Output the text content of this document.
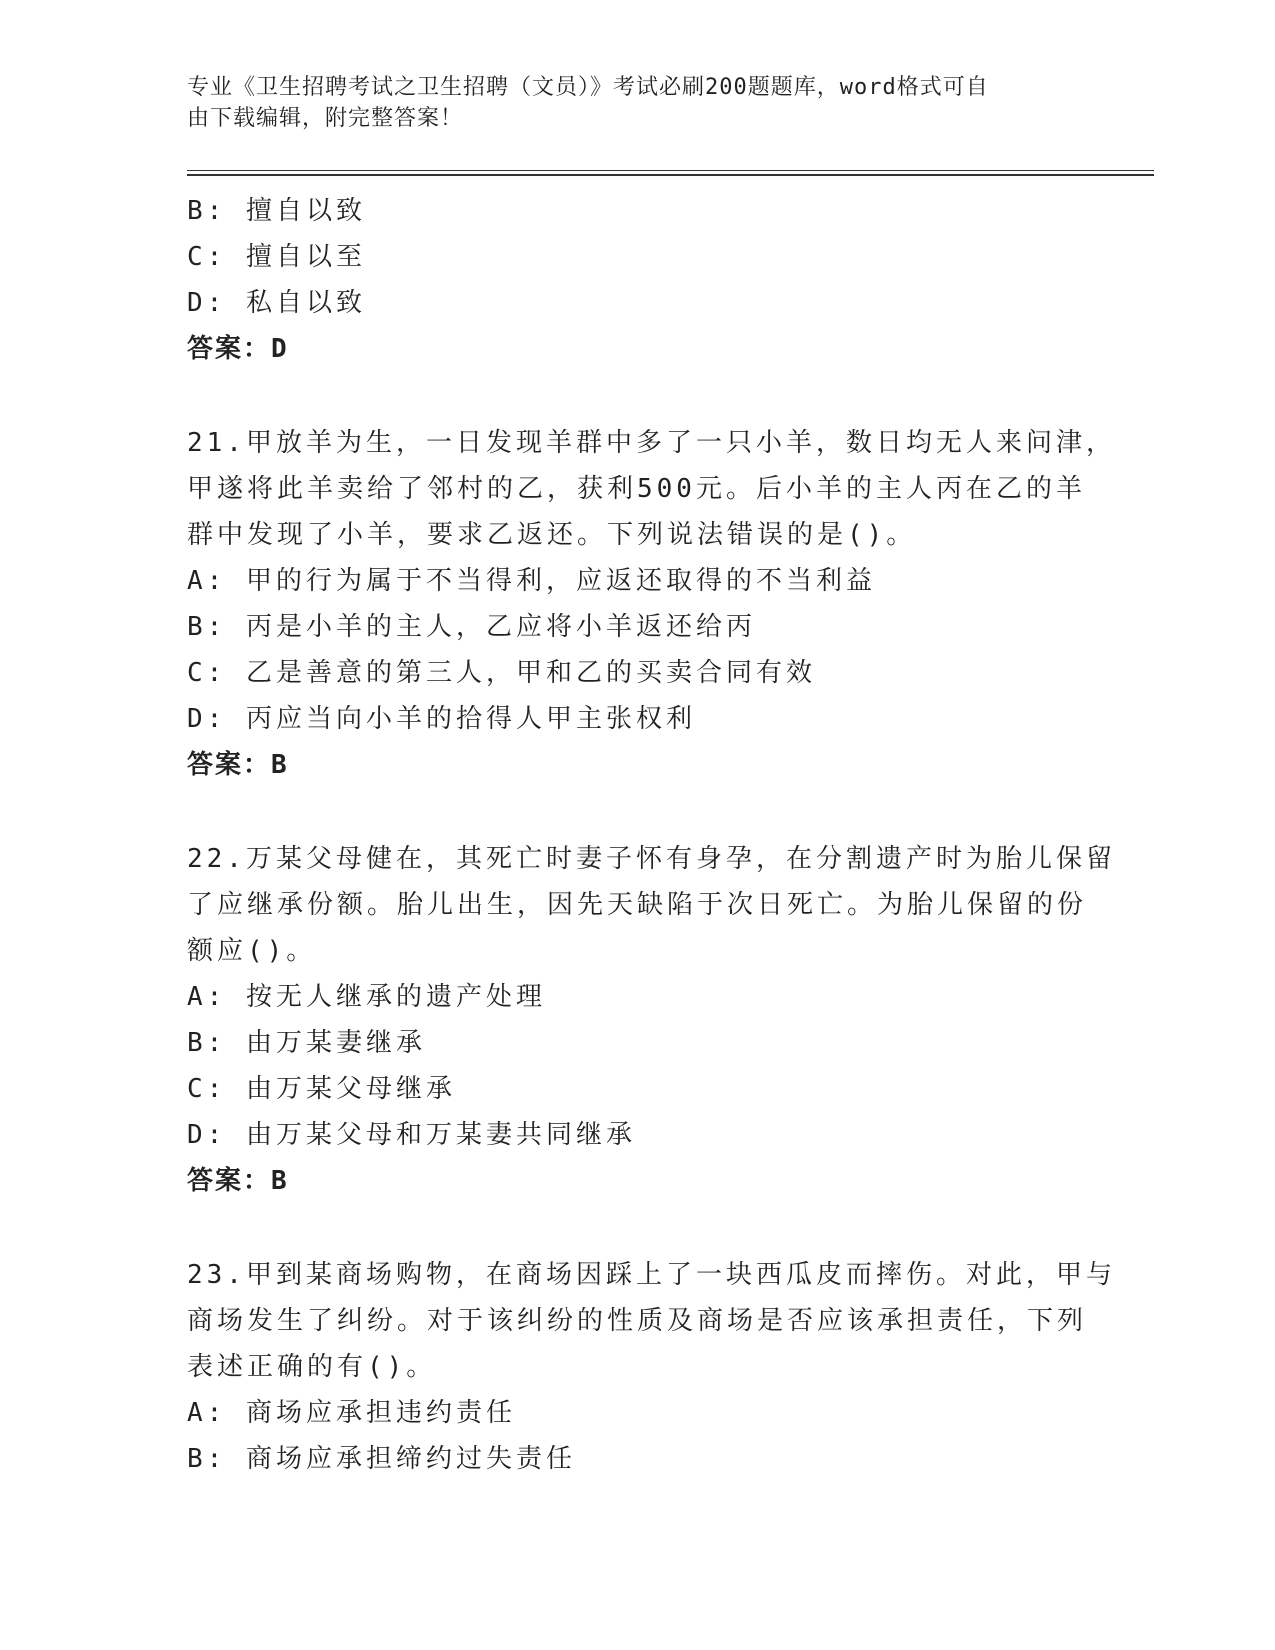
专业《卫生招聘考试之卫生招聘（文员）》考试必刷200题题库，word格式可自
由下载编辑，附完整答案！
B: 擅自以致
C: 擅自以至
D: 私自以致
答案：D
21.甲放羊为生，一日发现羊群中多了一只小羊，数日均无人来问津，
甲遂将此羊卖给了邻村的乙，获利500元。后小羊的主人丙在乙的羊
群中发现了小羊，要求乙返还。下列说法错误的是()。
A: 甲的行为属于不当得利，应返还取得的不当利益
B: 丙是小羊的主人，乙应将小羊返还给丙
C: 乙是善意的第三人，甲和乙的买卖合同有效
D: 丙应当向小羊的拾得人甲主张权利
答案：B
22.万某父母健在，其死亡时妻子怀有身孕，在分割遗产时为胎儿保留
了应继承份额。胎儿出生，因先天缺陷于次日死亡。为胎儿保留的份
额应()。
A: 按无人继承的遗产处理
B: 由万某妻继承
C: 由万某父母继承
D: 由万某父母和万某妻共同继承
答案：B
23.甲到某商场购物，在商场因踩上了一块西瓜皮而摔伤。对此，甲与
商场发生了纠纷。对于该纠纷的性质及商场是否应该承担责任，下列
表述正确的有()。
A: 商场应承担违约责任
B: 商场应承担缔约过失责任
